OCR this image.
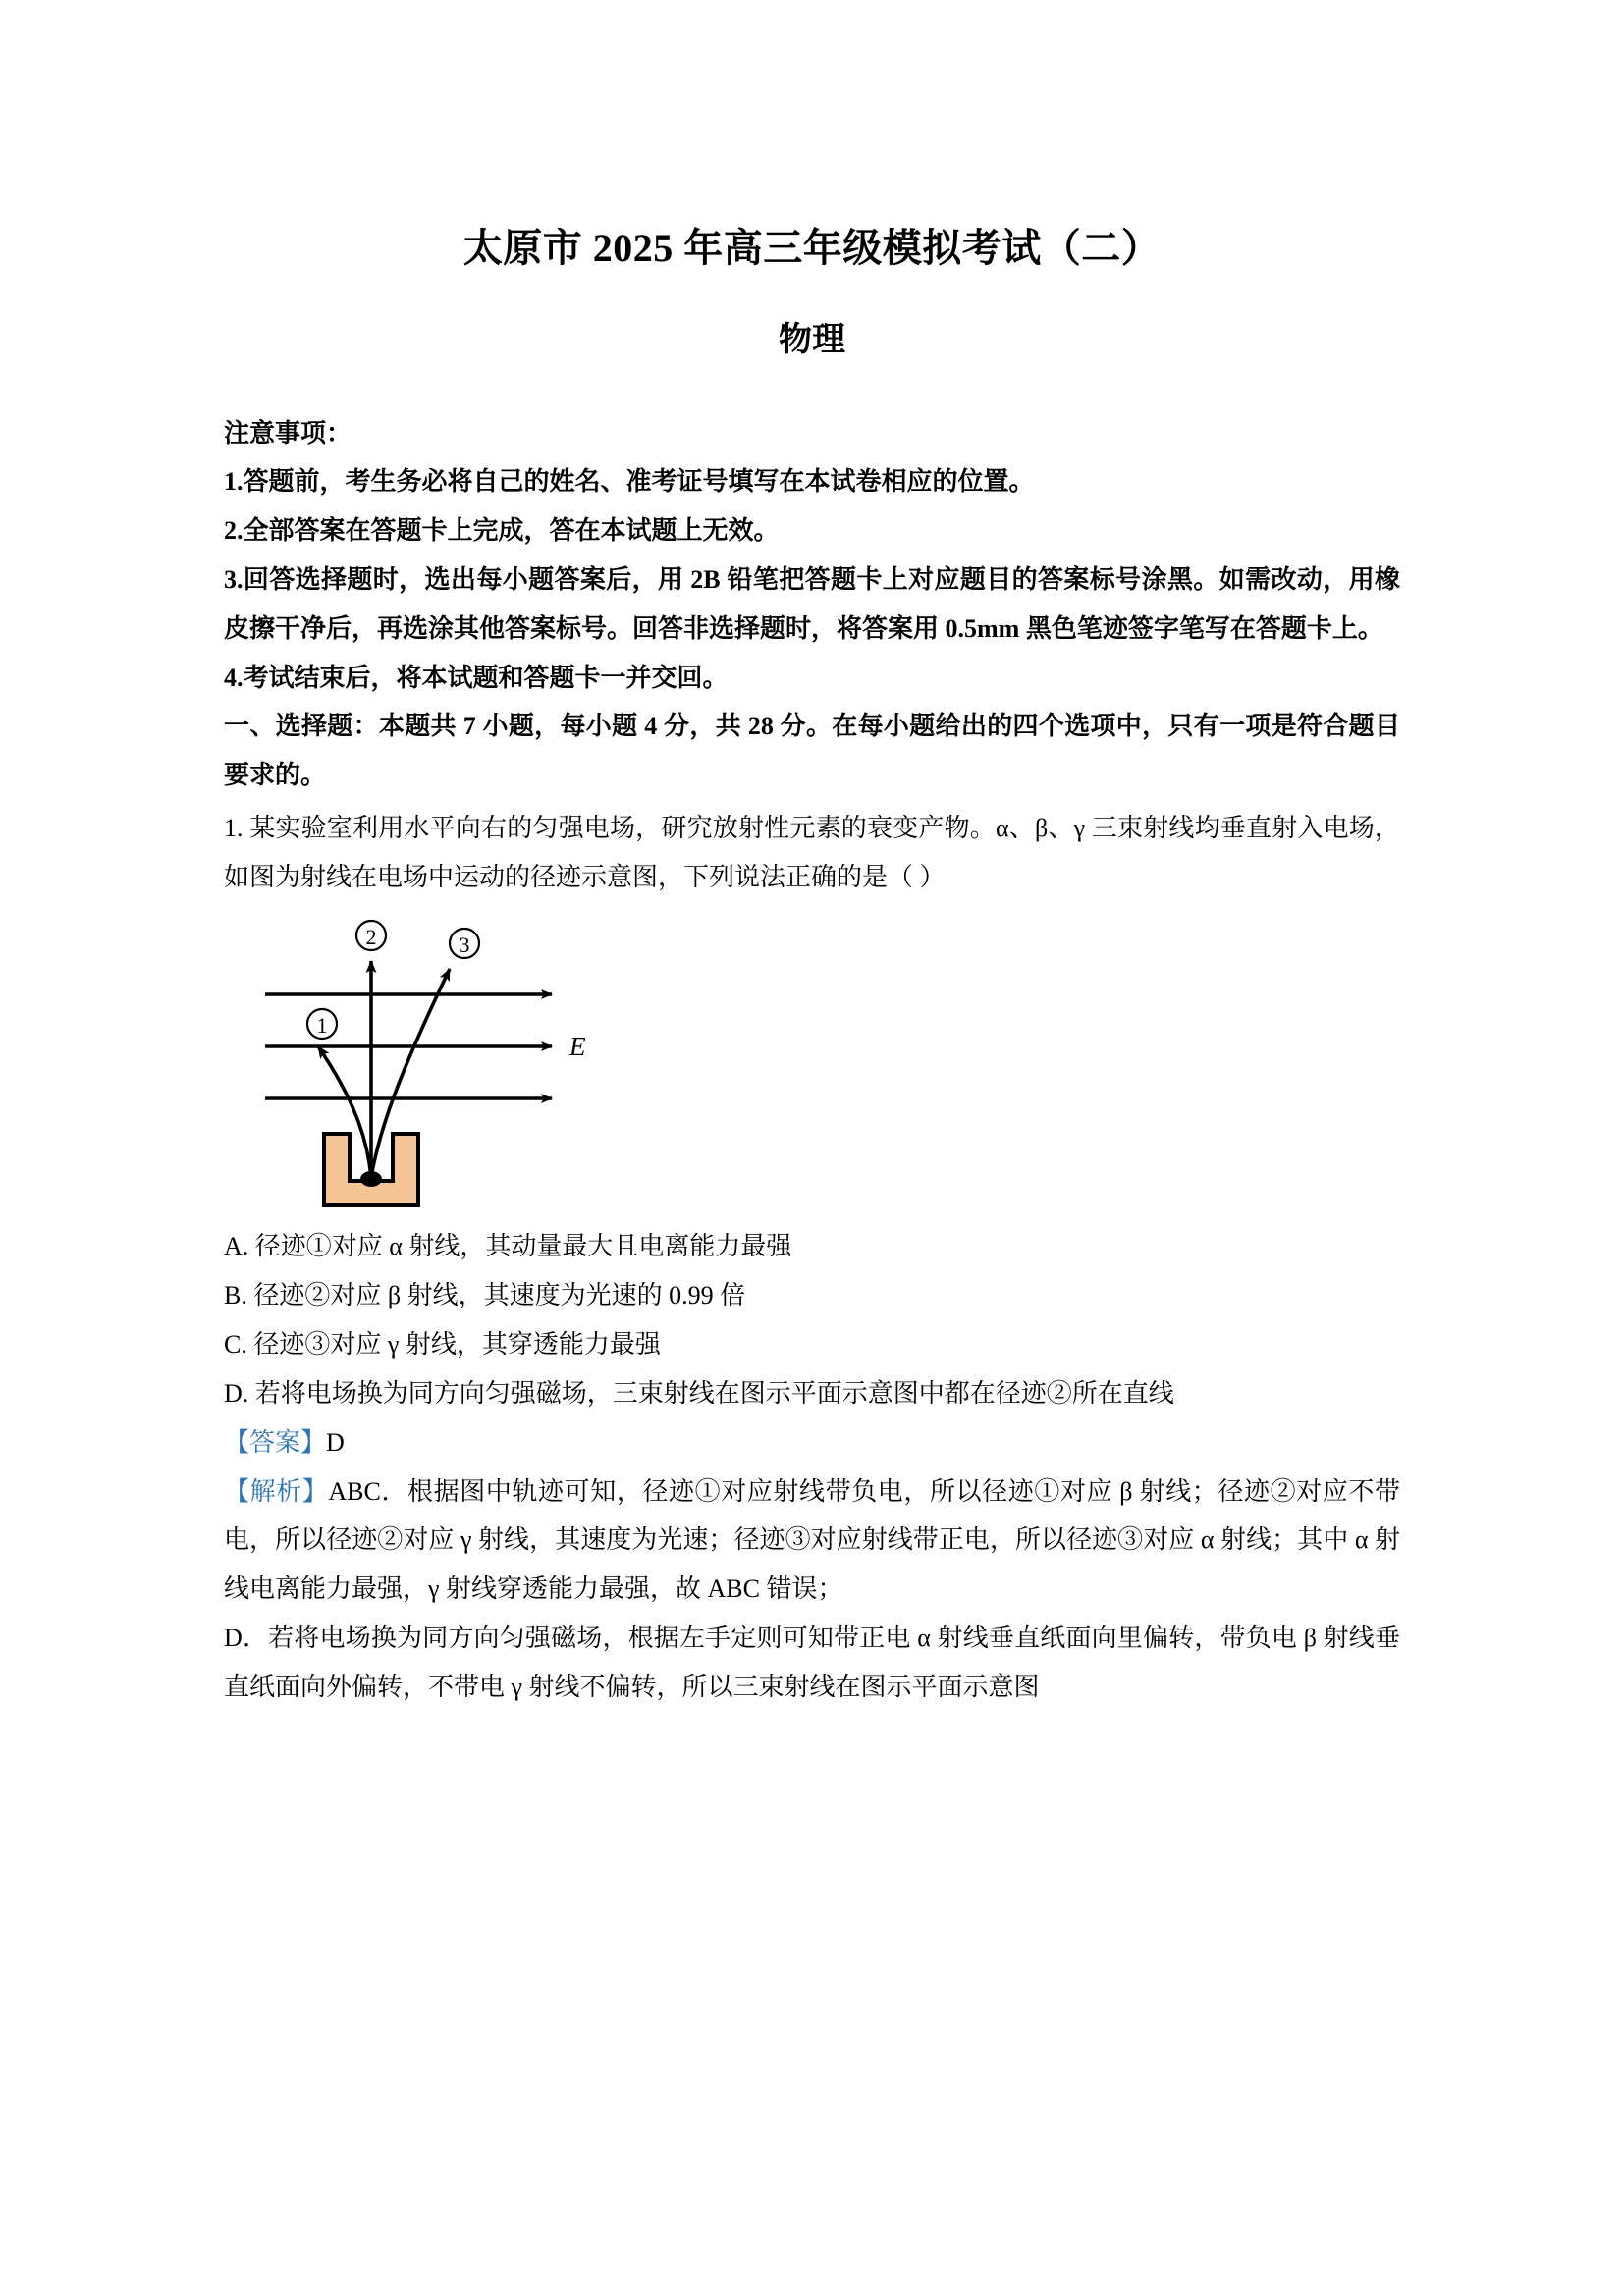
太原市 2025 年高三年级模拟考试（二）
物理

注意事项：

1.答题前，考生务必将自己的姓名、准考证号填写在本试卷相应的位置。

2.全部答案在答题卡上完成，答在本试题上无效。

3.回答选择题时，选出每小题答案后，用 2B 铅笔把答题卡上对应题目的答案标号涂黑。如需改动，用橡皮擦干净后，再选涂其他答案标号。回答非选择题时，将答案用 0.5mm 黑色笔迹签字笔写在答题卡上。

4.考试结束后，将本试题和答题卡一并交回。

一、选择题：本题共 7 小题，每小题 4 分，共 28 分。在每小题给出的四个选项中，只有一项是符合题目要求的。

1. 某实验室利用水平向右的匀强电场，研究放射性元素的衰变产物。α、β、γ 三束射线均垂直射入电场，如图为射线在电场中运动的径迹示意图，下列说法正确的是（ ）

E
1
2	3

A. 径迹①对应 α 射线，其动量最大且电离能力最强

B. 径迹②对应 β 射线，其速度为光速的 0.99 倍

C. 径迹③对应 γ 射线，其穿透能力最强

D. 若将电场换为同方向匀强磁场，三束射线在图示平面示意图中都在径迹②所在直线

【答案】D

【解析】ABC．根据图中轨迹可知，径迹①对应射线带负电，所以径迹①对应 β 射线；径迹②对应不带电，所以径迹②对应 γ 射线，其速度为光速；径迹③对应射线带正电，所以径迹③对应 α 射线；其中 α 射线电离能力最强，γ 射线穿透能力最强，故 ABC 错误；

D．若将电场换为同方向匀强磁场，根据左手定则可知带正电 α 射线垂直纸面向里偏转，带负电 β 射线垂直纸面向外偏转，不带电 γ 射线不偏转，所以三束射线在图示平面示意图
